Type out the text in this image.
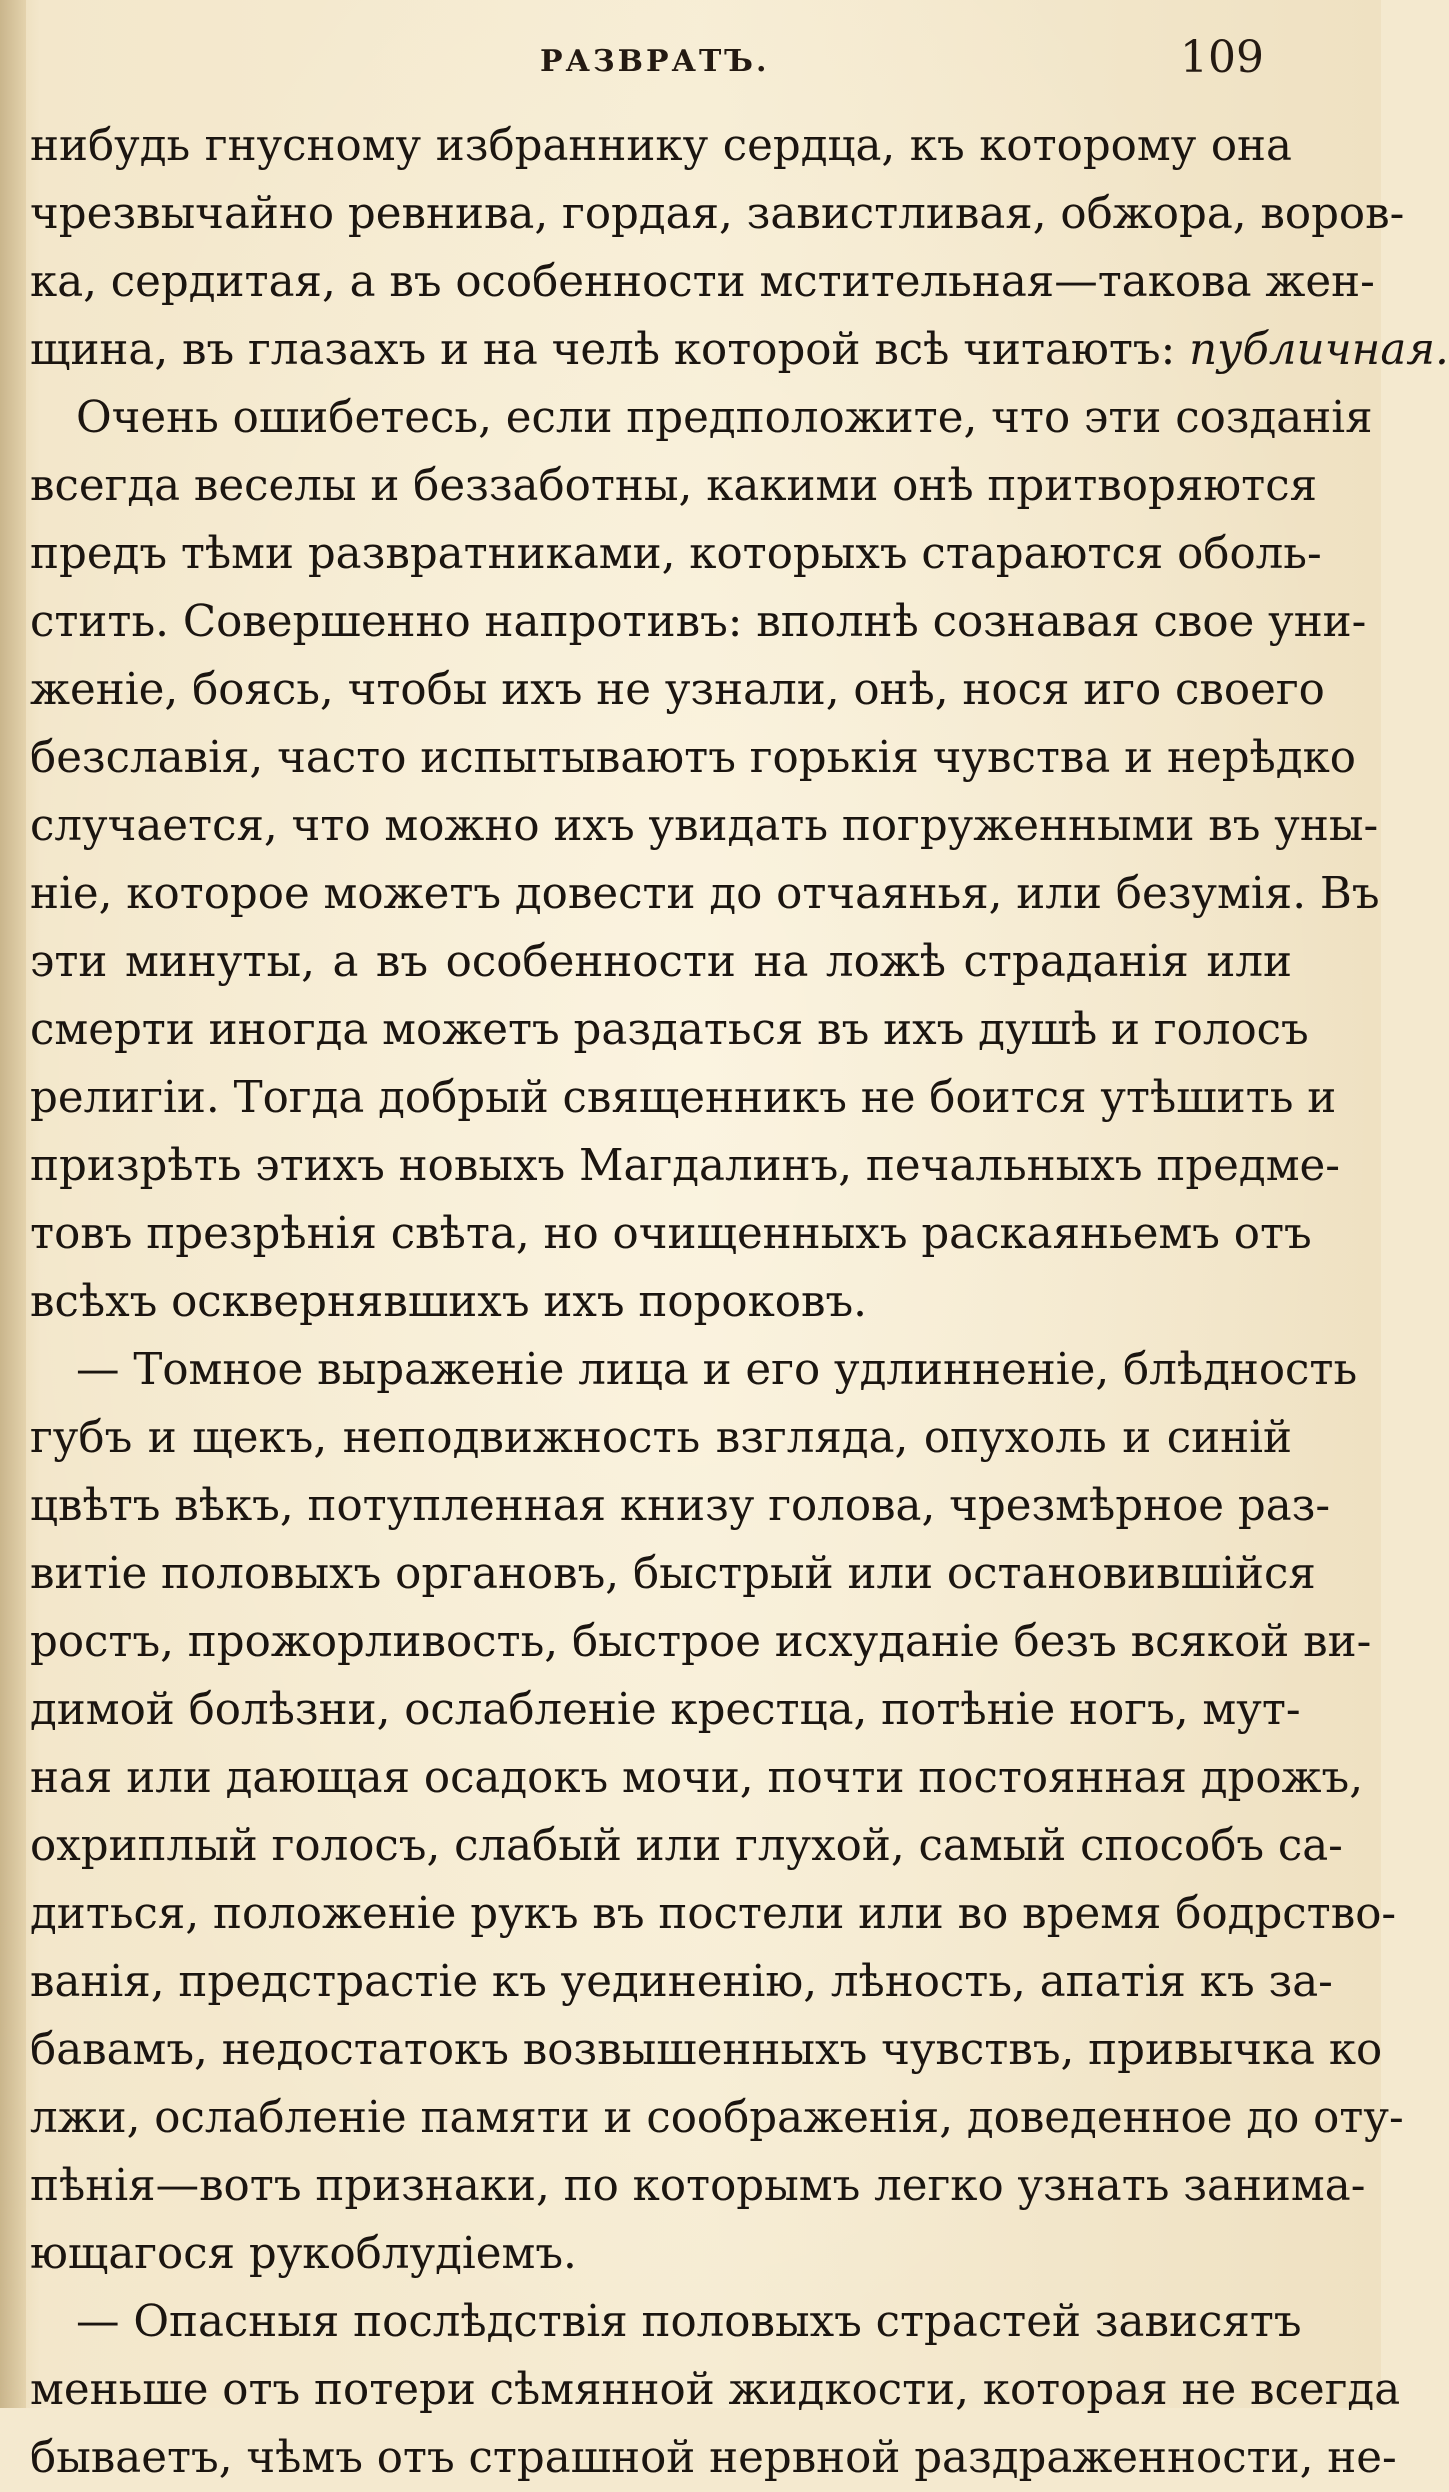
РАЗВРАТЪ.	109
нибудь гнусному избраннику сердца, къ которому она
чрезвычайно ревнива, гордая, завистливая, обжора, воров-
ка, сердитая, а въ особенности мстительная—такова жен-
щина, въ глазахъ и на челѣ которой всѣ читаютъ: публичная.
Очень ошибетесь, если предположите, что эти созданія
всегда веселы и беззаботны, какими онѣ притворяются
предъ тѣми развратниками, которыхъ стараются оболь-
стить. Совершенно напротивъ: вполнѣ сознавая свое уни-
женіе, боясь, чтобы ихъ не узнали, онѣ, нося иго своего
безславія, часто испытываютъ горькія чувства и нерѣдко
случается, что можно ихъ увидать погруженными въ уны-
ніе, которое можетъ довести до отчаянья, или безумія. Въ
эти минуты, а въ особенности на ложѣ страданія или
смерти иногда можетъ раздаться въ ихъ душѣ и голосъ
религіи. Тогда добрый священникъ не боится утѣшить и
призрѣть этихъ новыхъ Магдалинъ, печальныхъ предме-
товъ презрѣнія свѣта, но очищенныхъ раскаяньемъ отъ
всѣхъ осквернявшихъ ихъ пороковъ.
— Томное выраженіе лица и его удлинненіе, блѣдность
губъ и щекъ, неподвижность взгляда, опухоль и синій
цвѣтъ вѣкъ, потупленная книзу голова, чрезмѣрное раз-
витіе половыхъ органовъ, быстрый или остановившійся
ростъ, прожорливость, быстрое исхуданіе безъ всякой ви-
димой болѣзни, ослабленіе крестца, потѣніе ногъ, мут-
ная или дающая осадокъ мочи, почти постоянная дрожъ,
охриплый голосъ, слабый или глухой, самый способъ са-
диться, положеніе рукъ въ постели или во время бодрство-
ванія, предстрастіе къ уединенію, лѣность, апатія къ за-
бавамъ, недостатокъ возвышенныхъ чувствъ, привычка ко
лжи, ослабленіе памяти и соображенія, доведенное до оту-
пѣнія—вотъ признаки, по которымъ легко узнать занима-
ющагося рукоблудіемъ.
— Опасныя послѣдствія половыхъ страстей зависятъ
меньше отъ потери сѣмянной жидкости, которая не всегда
бываетъ, чѣмъ отъ страшной нервной раздраженности, не-
